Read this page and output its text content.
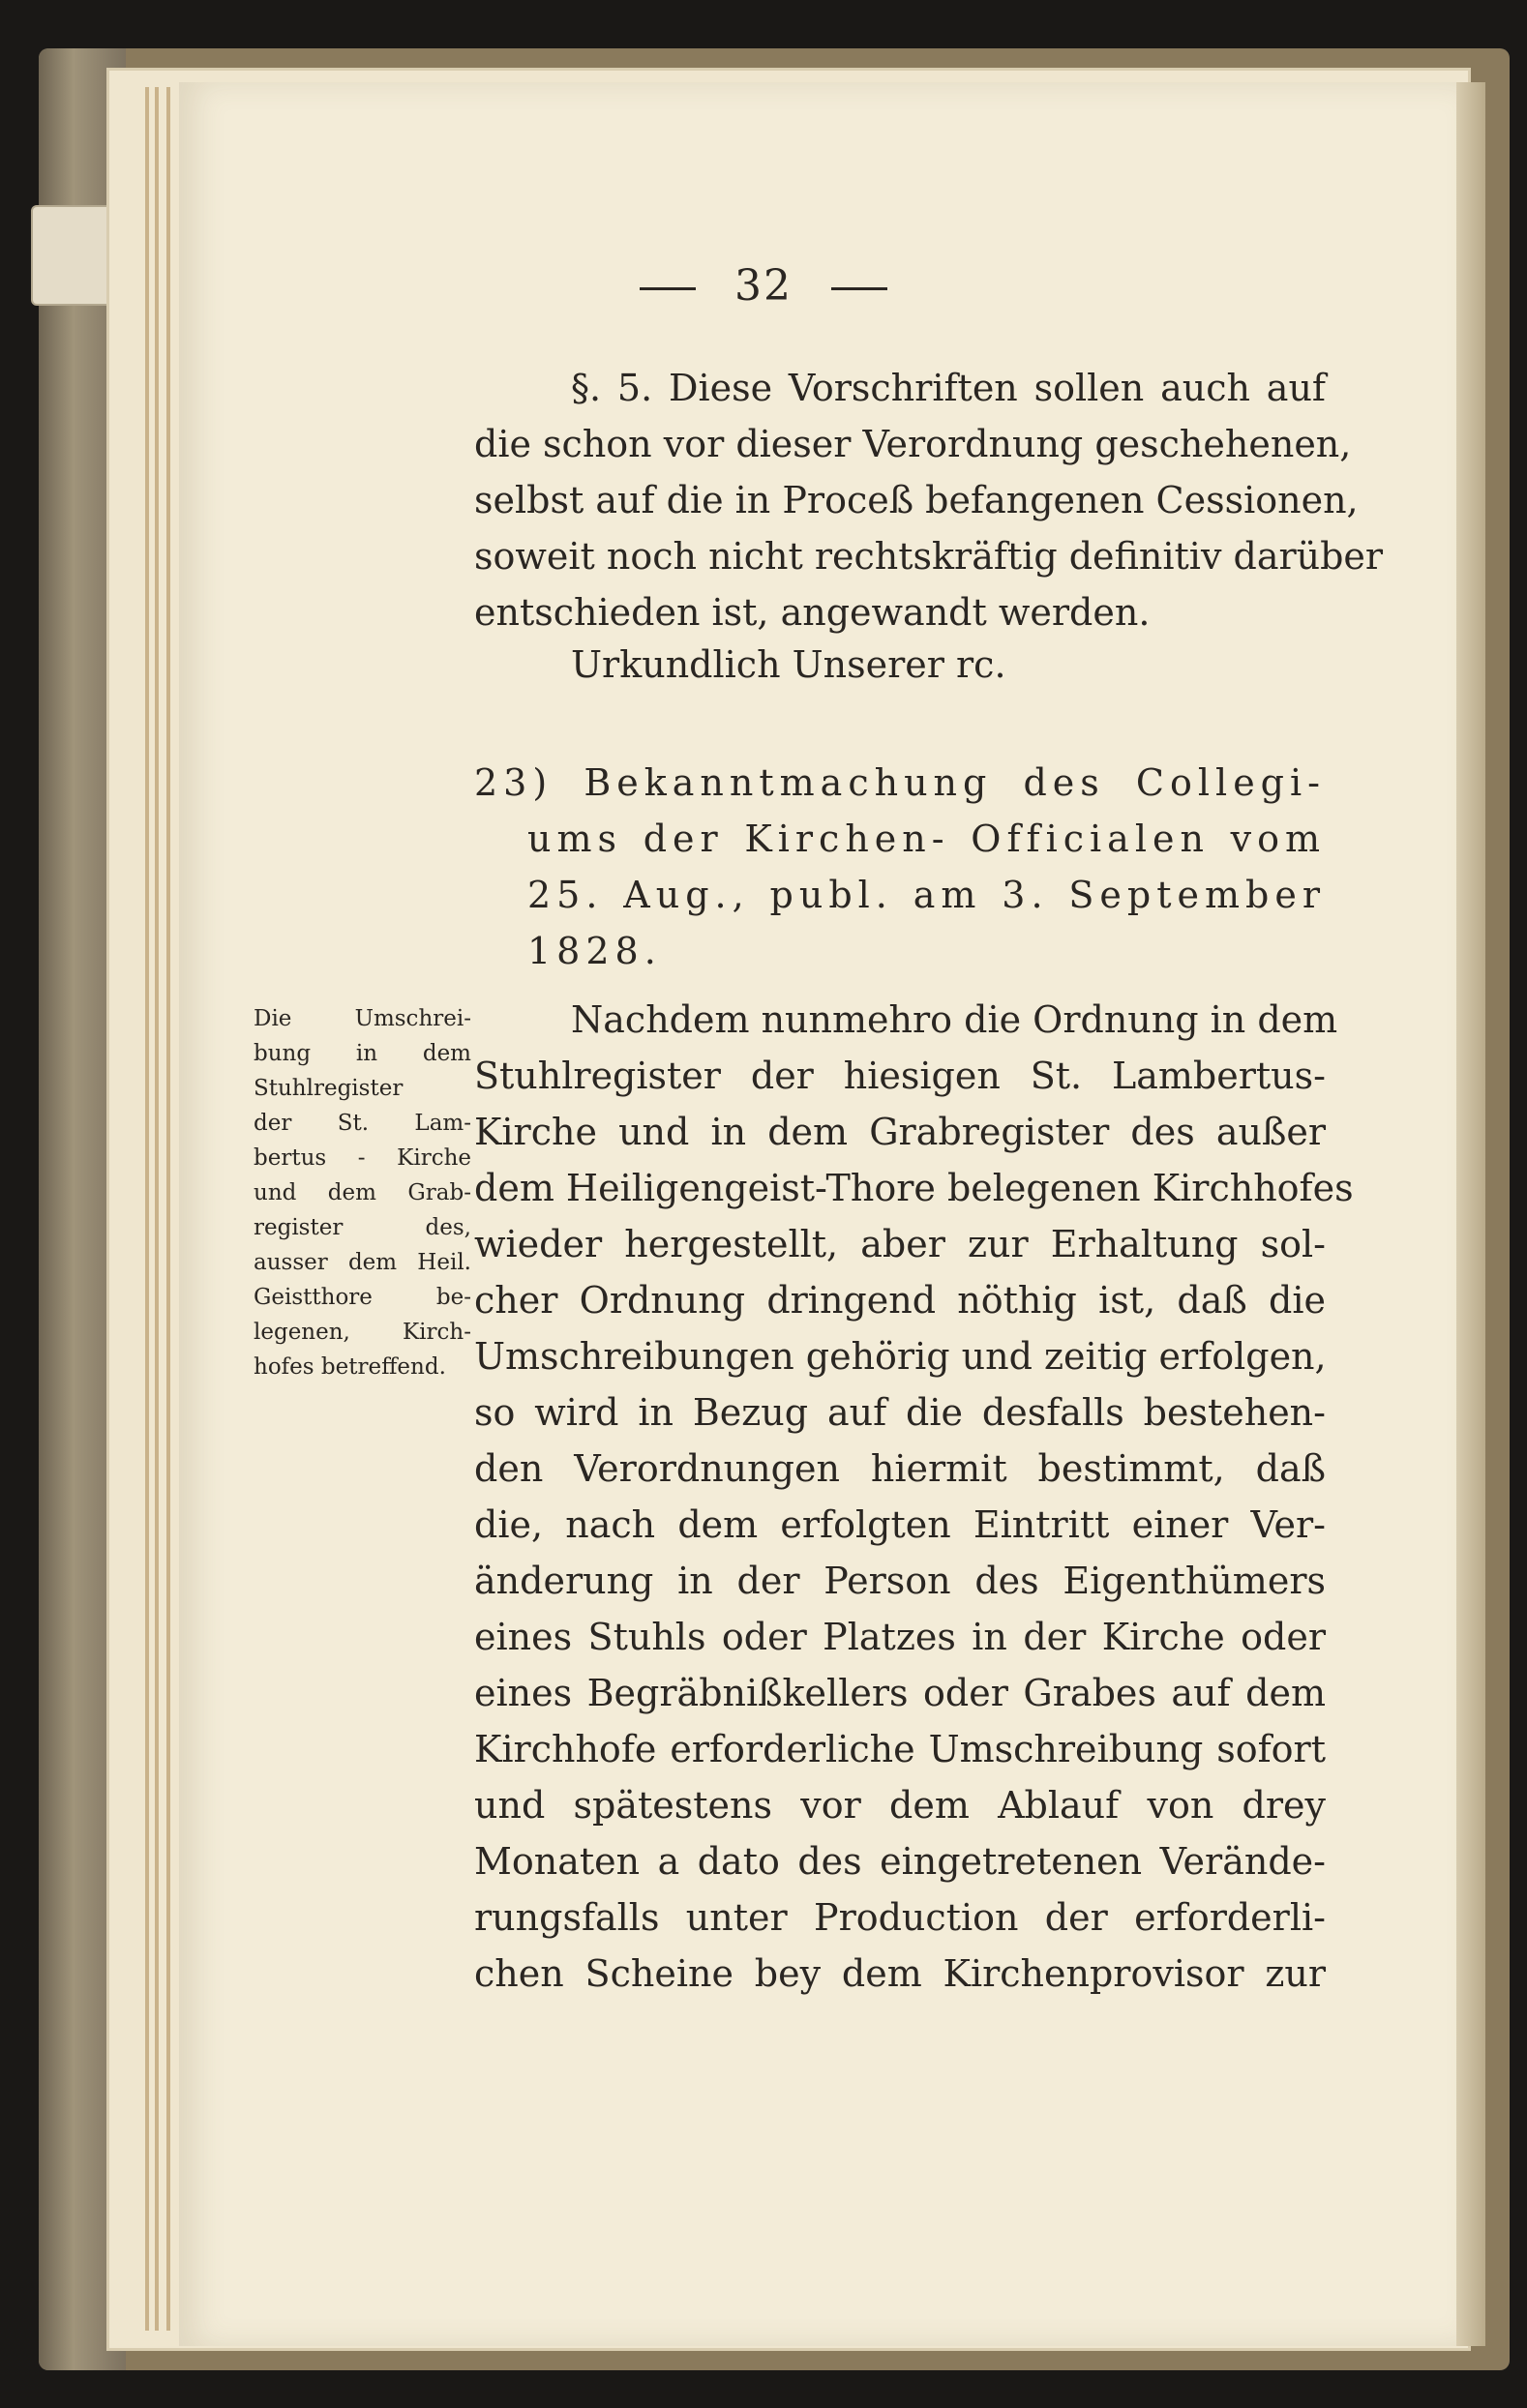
32
§. 5. Diese Vorschriften sollen auch auf
die schon vor dieser Verordnung geschehenen,
selbst auf die in Proceß befangenen Cessionen,
soweit noch nicht rechtskräftig definitiv darüber
entschieden ist, angewandt werden.
Urkundlich Unserer rc.
23) Bekanntmachung des Collegi-
ums der Kirchen- Officialen vom
25. Aug., publ. am 3. September
1828.
Die Umschrei-
bung in dem
Stuhlregister
der St. Lam-
bertus - Kirche
und dem Grab-
register des,
ausser dem Heil.
Geistthore be-
legenen, Kirch-
hofes betreffend.
Nachdem nunmehro die Ordnung in dem
Stuhlregister der hiesigen St. Lambertus-
Kirche und in dem Grabregister des außer
dem Heiligengeist-Thore belegenen Kirchhofes
wieder hergestellt, aber zur Erhaltung sol-
cher Ordnung dringend nöthig ist, daß die
Umschreibungen gehörig und zeitig erfolgen,
so wird in Bezug auf die desfalls bestehen-
den Verordnungen hiermit bestimmt, daß
die, nach dem erfolgten Eintritt einer Ver-
änderung in der Person des Eigenthümers
eines Stuhls oder Platzes in der Kirche oder
eines Begräbnißkellers oder Grabes auf dem
Kirchhofe erforderliche Umschreibung sofort
und spätestens vor dem Ablauf von drey
Monaten a dato des eingetretenen Verände-
rungsfalls unter Production der erforderli-
chen Scheine bey dem Kirchenprovisor zur
